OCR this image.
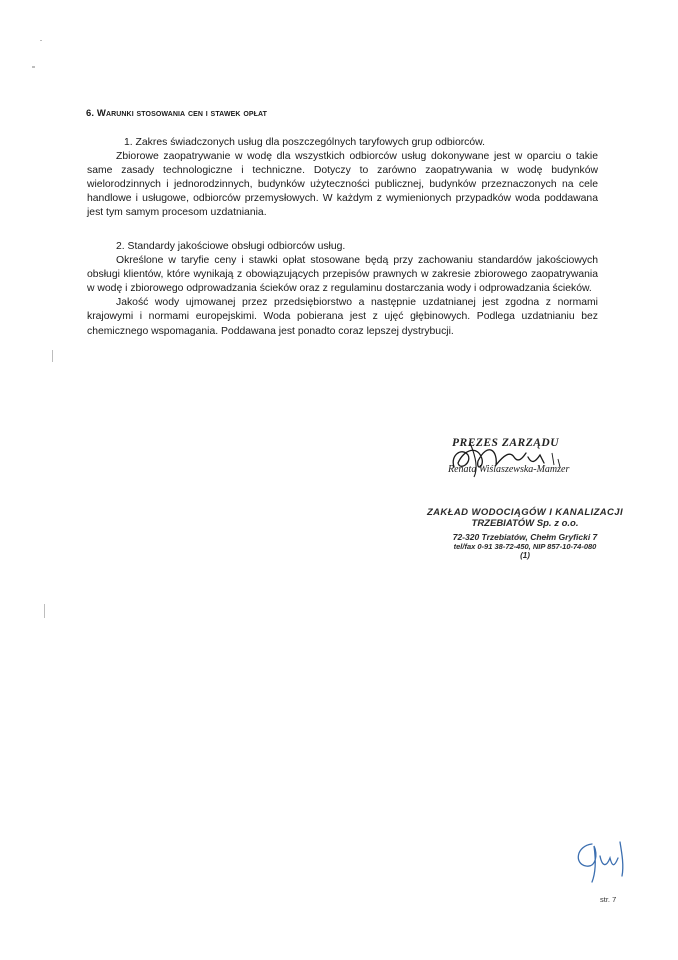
6. Warunki stosowania cen i stawek opłat

1. Zakres świadczonych usług dla poszczególnych taryfowych grup odbiorców.

Zbiorowe zaopatrywanie w wodę dla wszystkich odbiorców usług dokonywane jest w oparciu o takie same zasady technologiczne i techniczne. Dotyczy to zarówno zaopatrywania w wodę budynków wielorodzinnych i jednorodzinnych, budynków użyteczności publicznej, budynków przeznaczonych na cele handlowe i usługowe, odbiorców przemysłowych. W każdym z wymienionych przypadków woda poddawana jest tym samym procesom uzdatniania.

2. Standardy jakościowe obsługi odbiorców usług.

Określone w taryfie ceny i stawki opłat stosowane będą przy zachowaniu standardów jakościowych obsługi klientów, które wynikają z obowiązujących przepisów prawnych w zakresie zbiorowego zaopatrywania w wodę i zbiorowego odprowadzania ścieków oraz z regulaminu dostarczania wody i odprowadzania ścieków.

Jakość wody ujmowanej przez przedsiębiorstwo a następnie uzdatnianej jest zgodna z normami krajowymi i normami europejskimi. Woda pobierana jest z ujęć głębinowych. Podlega uzdatnianiu bez chemicznego wspomagania. Poddawana jest ponadto coraz lepszej dystrybucji.

PREZES ZARZĄDU
Renata Wiślaszewska-Mamzer
ZAKŁAD WODOCIĄGÓW I KANALIZACJI
TRZEBIATÓW Sp. z o.o.
72-320 Trzebiatów, Chełm Gryficki 7
tel/fax 0-91 38-72-450, NIP 857-10-74-080
(1)
str. 7
